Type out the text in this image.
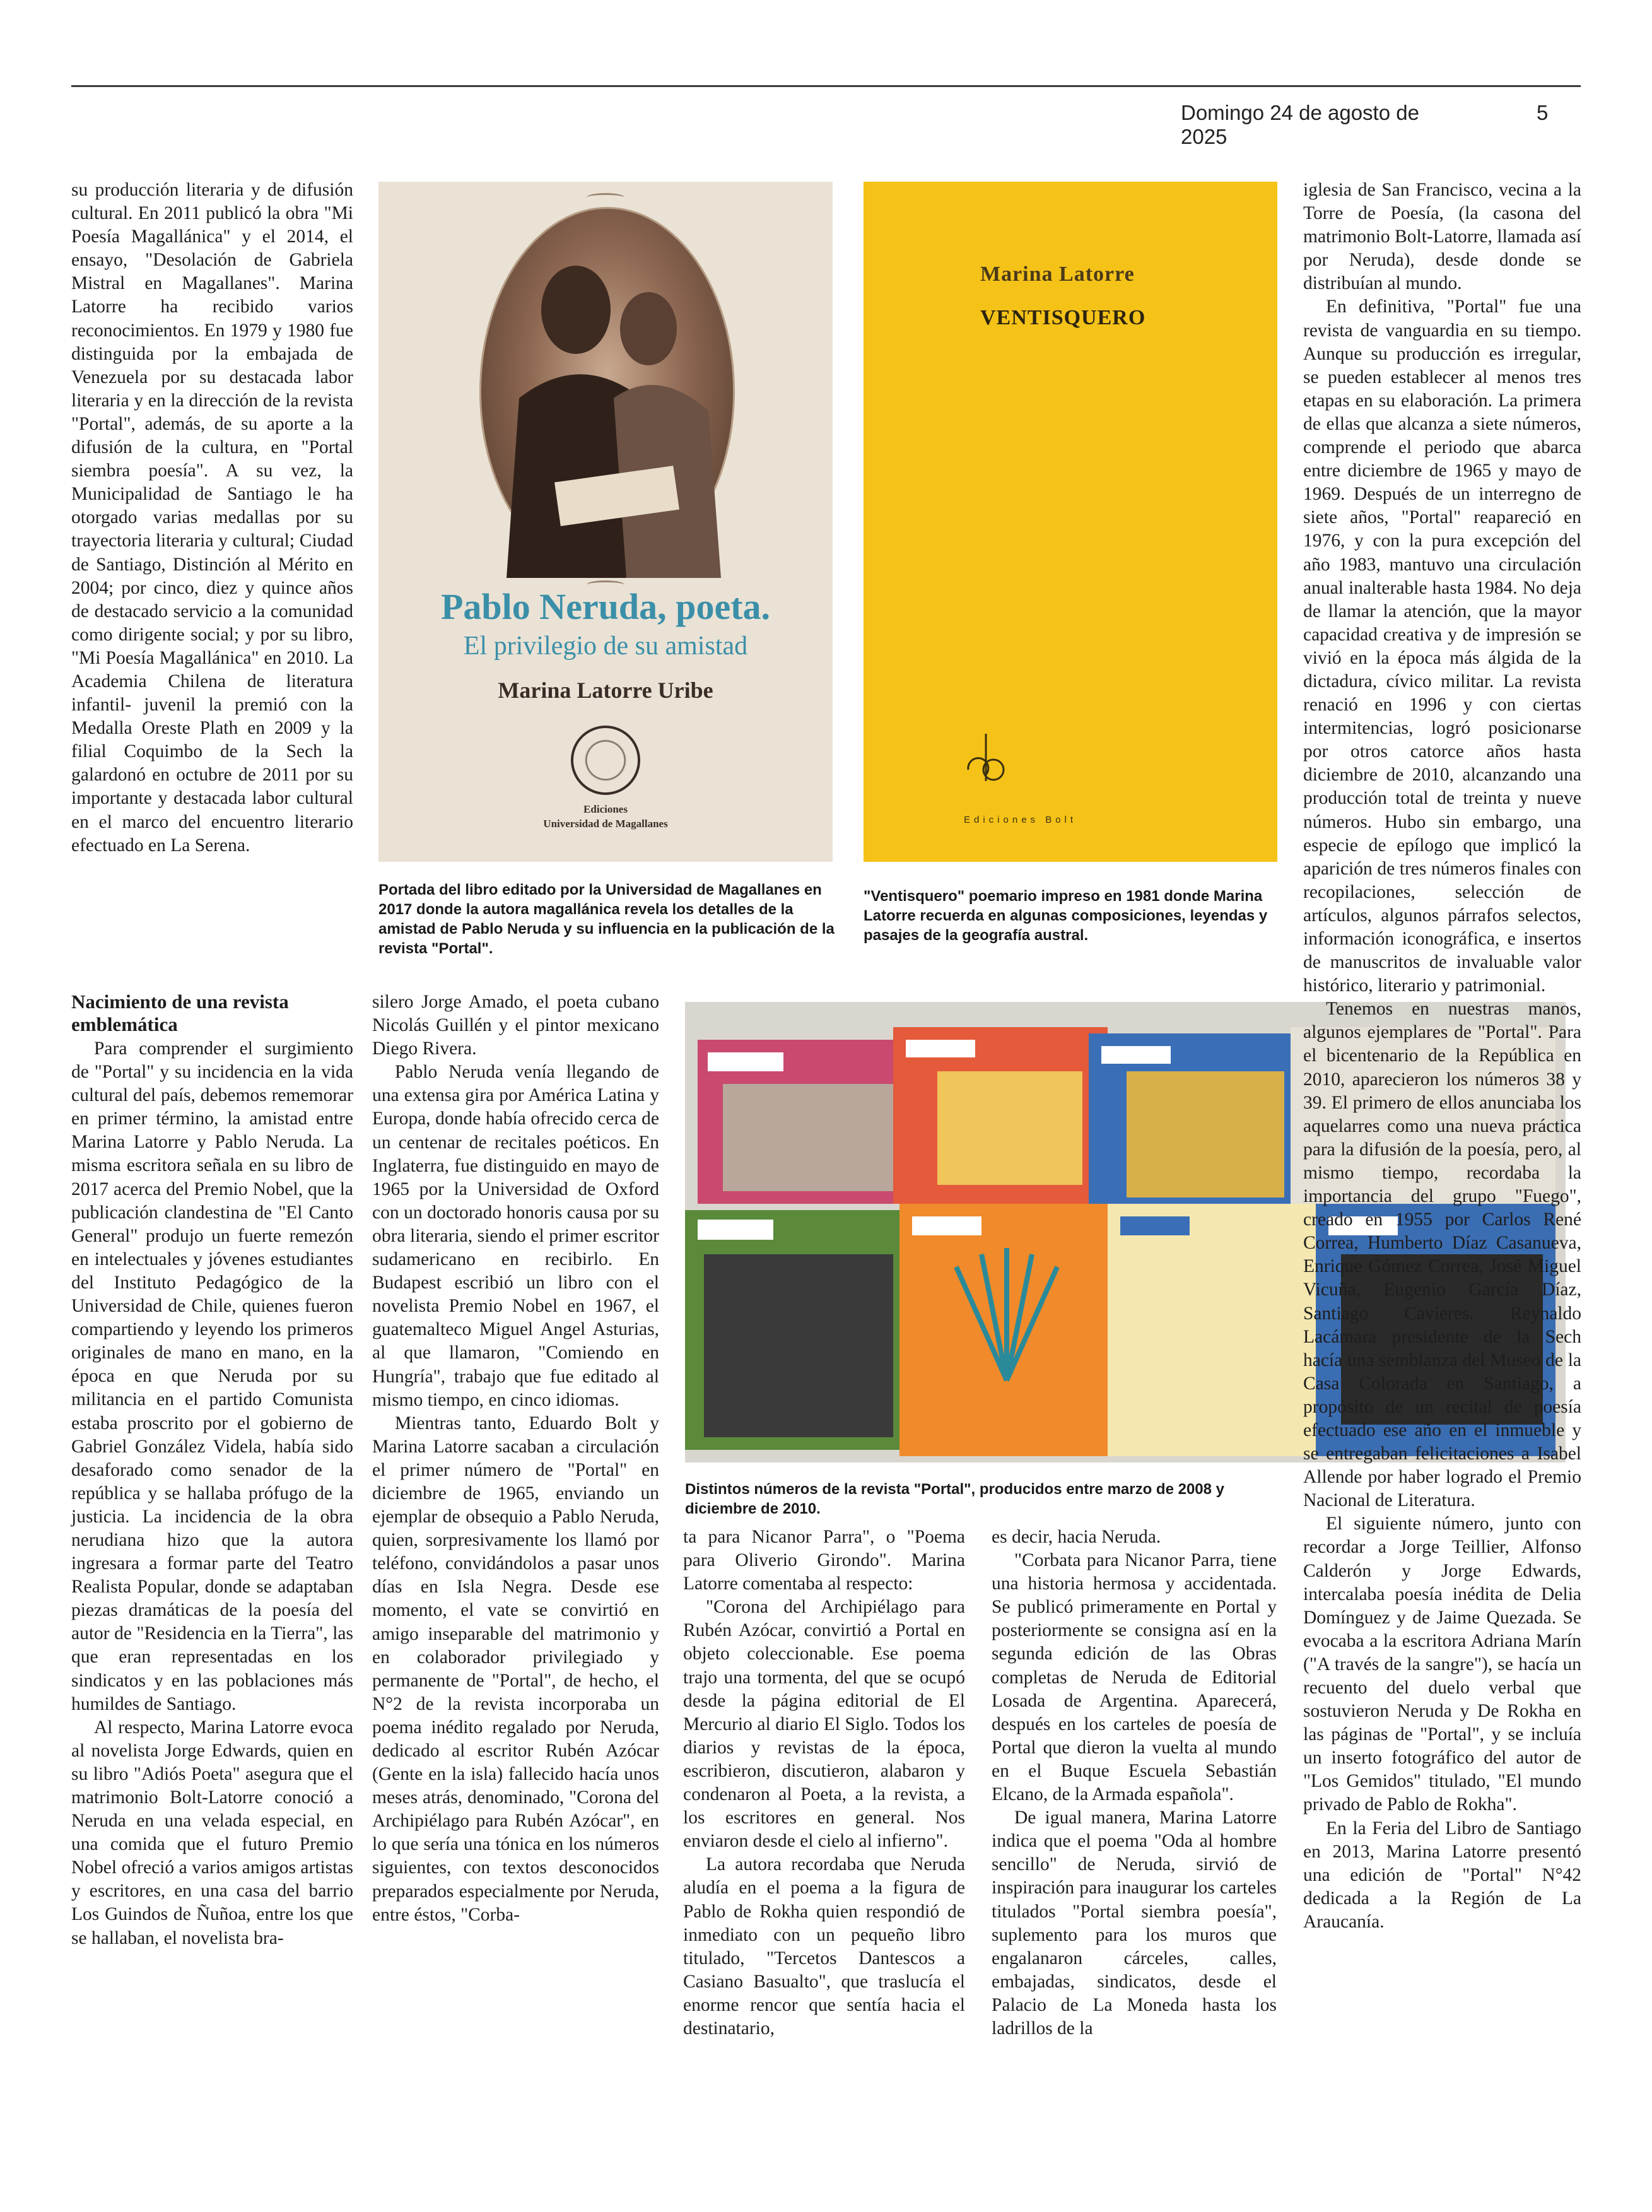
Domingo 24 de agosto de 2025
5

su producción literaria y de difusión cultural. En 2011 publicó la obra "Mi Poesía Magallánica" y el 2014, el ensayo, "Desolación de Gabriela Mistral en Magallanes". Marina Latorre ha recibido varios reconocimientos. En 1979 y 1980 fue distinguida por la embajada de Venezuela por su destacada labor literaria y en la dirección de la revista "Portal", además, de su aporte a la difusión de la cultura, en "Portal siembra poesía". A su vez, la Municipalidad de Santiago le ha otorgado varias medallas por su trayectoria literaria y cultural; Ciudad de Santiago, Distinción al Mérito en 2004; por cinco, diez y quince años de destacado servicio a la comunidad como dirigente social; y por su libro, "Mi Poesía Magallánica" en 2010. La Academia Chilena de literatura infantil- juvenil la premió con la Medalla Oreste Plath en 2009 y la filial Coquimbo de la Sech la galardonó en octubre de 2011 por su importante y destacada labor cultural en el marco del encuentro literario efectuado en La Serena.

Nacimiento de una revista emblemática

Para comprender el surgimiento de "Portal" y su incidencia en la vida cultural del país, debemos rememorar en primer término, la amistad entre Marina Latorre y Pablo Neruda. La misma escritora señala en su libro de 2017 acerca del Premio Nobel, que la publicación clandestina de "El Canto General" produjo un fuerte remezón en intelectuales y jóvenes estudiantes del Instituto Pedagógico de la Universidad de Chile, quienes fueron compartiendo y leyendo los primeros originales de mano en mano, en la época en que Neruda por su militancia en el partido Comunista estaba proscrito por el gobierno de Gabriel González Videla, había sido desaforado como senador de la república y se hallaba prófugo de la justicia. La incidencia de la obra nerudiana hizo que la autora ingresara a formar parte del Teatro Realista Popular, donde se adaptaban piezas dramáticas de la poesía del autor de "Residencia en la Tierra", las que eran representadas en los sindicatos y en las poblaciones más humildes de Santiago.

Al respecto, Marina Latorre evoca al novelista Jorge Edwards, quien en su libro "Adiós Poeta" asegura que el matrimonio Bolt-Latorre conoció a Neruda en una velada especial, en una comida que el futuro Premio Nobel ofreció a varios amigos artistas y escritores, en una casa del barrio Los Guindos de Ñuñoa, entre los que se hallaban, el novelista bra-

Pablo Neruda, poeta.
El privilegio de su amistad
Marina Latorre Uribe
Ediciones
Universidad de Magallanes
Marina Latorre
VENTISQUERO
Ediciones Bolt
Portada del libro editado por la Universidad de Magallanes en 2017 donde la autora magallánica revela los detalles de la amistad de Pablo Neruda y su influencia en la publicación de la revista "Portal".
"Ventisquero" poemario impreso en 1981 donde Marina Latorre recuerda en algunas composiciones, leyendas y pasajes de la geografía austral.

silero Jorge Amado, el poeta cubano Nicolás Guillén y el pintor mexicano Diego Rivera.

Pablo Neruda venía llegando de una extensa gira por América Latina y Europa, donde había ofrecido cerca de un centenar de recitales poéticos. En Inglaterra, fue distinguido en mayo de 1965 por la Universidad de Oxford con un doctorado honoris causa por su obra literaria, siendo el primer escritor sudamericano en recibirlo. En Budapest escribió un libro con el novelista Premio Nobel en 1967, el guatemalteco Miguel Angel Asturias, al que llamaron, "Comiendo en Hungría", trabajo que fue editado al mismo tiempo, en cinco idiomas.

Mientras tanto, Eduardo Bolt y Marina Latorre sacaban a circulación el primer número de "Portal" en diciembre de 1965, enviando un ejemplar de obsequio a Pablo Neruda, quien, sorpresivamente los llamó por teléfono, convidándolos a pasar unos días en Isla Negra. Desde ese momento, el vate se convirtió en amigo inseparable del matrimonio y en colaborador privilegiado y permanente de "Portal", de hecho, el N°2 de la revista incorporaba un poema inédito regalado por Neruda, dedicado al escritor Rubén Azócar (Gente en la isla) fallecido hacía unos meses atrás, denominado, "Corona del Archipiélago para Rubén Azócar", en lo que sería una tónica en los números siguientes, con textos desconocidos preparados especialmente por Neruda, entre éstos, "Corba-

Distintos números de la revista "Portal", producidos entre marzo de 2008 y diciembre de 2010.

ta para Nicanor Parra", o "Poema para Oliverio Girondo". Marina Latorre comentaba al respecto:

"Corona del Archipiélago para Rubén Azócar, convirtió a Portal en objeto coleccionable. Ese poema trajo una tormenta, del que se ocupó desde la página editorial de El Mercurio al diario El Siglo. Todos los diarios y revistas de la época, escribieron, discutieron, alabaron y condenaron al Poeta, a la revista, a los escritores en general. Nos enviaron desde el cielo al infierno".

La autora recordaba que Neruda aludía en el poema a la figura de Pablo de Rokha quien respondió de inmediato con un pequeño libro titulado, "Tercetos Dantescos a Casiano Basualto", que traslucía el enorme rencor que sentía hacia el destinatario,

es decir, hacia Neruda.

"Corbata para Nicanor Parra, tiene una historia hermosa y accidentada. Se publicó primeramente en Portal y posteriormente se consigna así en la segunda edición de las Obras completas de Neruda de Editorial Losada de Argentina. Aparecerá, después en los carteles de poesía de Portal que dieron la vuelta al mundo en el Buque Escuela Sebastián Elcano, de la Armada española".

De igual manera, Marina Latorre indica que el poema "Oda al hombre sencillo" de Neruda, sirvió de inspiración para inaugurar los carteles titulados "Portal siembra poesía", suplemento para los muros que engalanaron cárceles, calles, embajadas, sindicatos, desde el Palacio de La Moneda hasta los ladrillos de la

iglesia de San Francisco, vecina a la Torre de Poesía, (la casona del matrimonio Bolt-Latorre, llamada así por Neruda), desde donde se distribuían al mundo.

En definitiva, "Portal" fue una revista de vanguardia en su tiempo. Aunque su producción es irregular, se pueden establecer al menos tres etapas en su elaboración. La primera de ellas que alcanza a siete números, comprende el periodo que abarca entre diciembre de 1965 y mayo de 1969. Después de un interregno de siete años, "Portal" reapareció en 1976, y con la pura excepción del año 1983, mantuvo una circulación anual inalterable hasta 1984. No deja de llamar la atención, que la mayor capacidad creativa y de impresión se vivió en la época más álgida de la dictadura, cívico militar. La revista renació en 1996 y con ciertas intermitencias, logró posicionarse por otros catorce años hasta diciembre de 2010, alcanzando una producción total de treinta y nueve números. Hubo sin embargo, una especie de epílogo que implicó la aparición de tres números finales con recopilaciones, selección de artículos, algunos párrafos selectos, información iconográfica, e insertos de manuscritos de invaluable valor histórico, literario y patrimonial.

Tenemos en nuestras manos, algunos ejemplares de "Portal". Para el bicentenario de la República en 2010, aparecieron los números 38 y 39. El primero de ellos anunciaba los aquelarres como una nueva práctica para la difusión de la poesía, pero, al mismo tiempo, recordaba la importancia del grupo "Fuego", creado en 1955 por Carlos René Correa, Humberto Díaz Casanueva, Enrique Gómez Correa, José Miguel Vicuña, Eugenio García Díaz, Santiago Cavieres. Reynaldo Lacámara presidente de la Sech hacía una semblanza del Museo de la Casa Colorada en Santiago, a propósito de un recital de poesía efectuado ese año en el inmueble y se entregaban felicitaciones a Isabel Allende por haber logrado el Premio Nacional de Literatura.

El siguiente número, junto con recordar a Jorge Teillier, Alfonso Calderón y Jorge Edwards, intercalaba poesía inédita de Delia Domínguez y de Jaime Quezada. Se evocaba a la escritora Adriana Marín ("A través de la sangre"), se hacía un recuento del duelo verbal que sostuvieron Neruda y De Rokha en las páginas de "Portal", y se incluía un inserto fotográfico del autor de "Los Gemidos" titulado, "El mundo privado de Pablo de Rokha".

En la Feria del Libro de Santiago en 2013, Marina Latorre presentó una edición de "Portal" N°42 dedicada a la Región de La Araucanía.
